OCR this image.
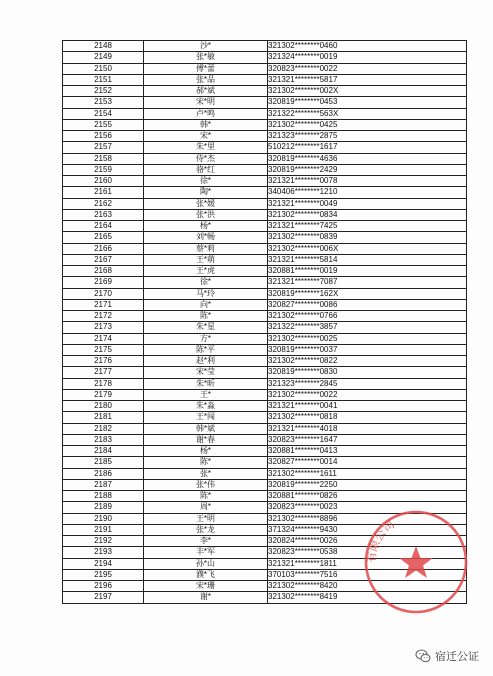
2148	沙*	321302********0460
2149	张*敏	321324********0019
2150	傅*蕾	320823********0022
2151	张*品	321321********5817
2152	郝*斌	321302********002X
2153	宋*明	320819********0453
2154	卢*鸣	321322********563X
2155	韩*	321302********0425
2156	宋*	321323********2875
2157	朱*里	510212********1617
2158	侍*杰	320819********4636
2159	骆*红	320819********2429
2160	徐*	321321********0078
2161	陶*	340406********1210
2162	张*媛	321321********0049
2163	张*洪	321302********0834
2164	杨*	321321********7425
2165	刘*畅	321302********0839
2166	蔡*莉	321302********006X
2167	王*萌	321321********5814
2168	王*虎	320881********0019
2169	徐*	321321********7087
2170	马*玲	320819********162X
2171	向*	320827********0086
2172	陈*	321302********0766
2173	朱*星	321322********3857
2174	方*	321302********0025
2175	陈*平	320819********0037
2176	赵*利	321302********0822
2177	宋*莹	320819********0830
2178	朱*昕	321323********2845
2179	王*	321302********0022
2180	朱*淼	321321********0041
2181	王*闯	321302********0818
2182	韩*斌	321321********4018
2183	谢*春	320823********1647
2184	杨*	320881********0413
2185	陈*	320827********0014
2186	张*	321302********1611
2187	张*伟	320819********2250
2188	陈*	320881********0826
2189	周*	320823********0023
2190	王*明	321302********8896
2191	张*龙	371324********9430
2192	李*	320824********0026
2193	丰*军	320823********0538
2194	孙*山	321321********1811
2195	濮*飞	370103********7516
2196	宋*珊	321302********8420
2197	谢*	321302********8419
有限公司
宿迁公证
